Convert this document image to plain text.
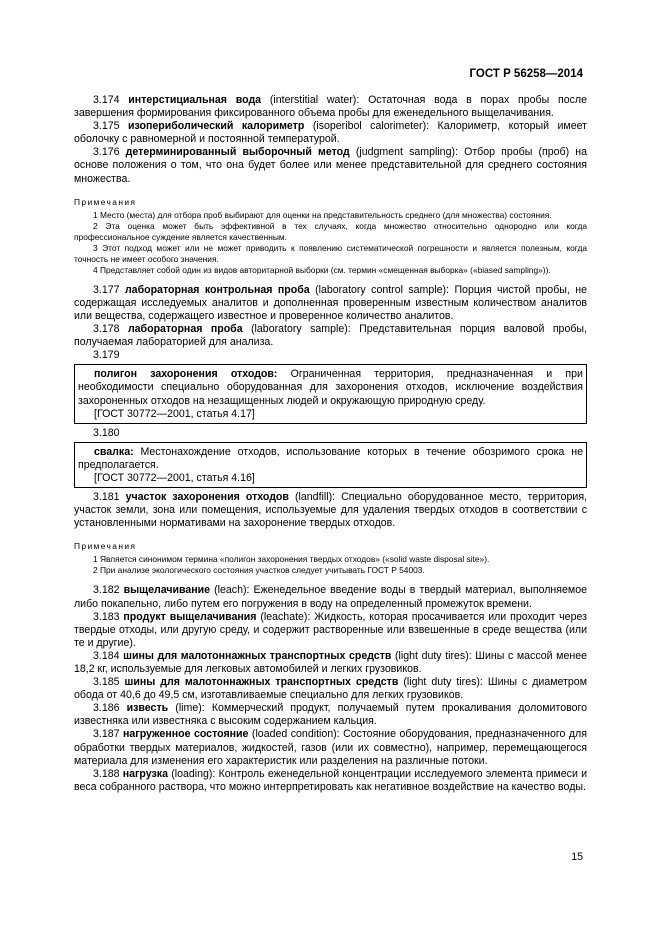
ГОСТ Р 56258—2014

3.174 интерстициальная вода (interstitial water): Остаточная вода в порах пробы после завершения формирования фиксированного объема пробы для еженедельного выщелачивания.

3.175 изопериболический калориметр (isoperibol calorimeter): Калориметр, который имеет оболочку с равномерной и постоянной температурой.

3.176 детерминированный выборочный метод (judgment sampling): Отбор пробы (проб) на основе положения о том, что она будет более или менее представительной для среднего состояния множества.

Примечания

1 Место (места) для отбора проб выбирают для оценки на представительность среднего (для множества) состояния.

2 Эта оценка может быть эффективной в тех случаях, когда множество относительно однородно или когда профессиональное суждение является качественным.

3 Этот подход может или не может приводить к появлению систематической погрешности и является полезным, когда точность не имеет особого значения.

4 Представляет собой один из видов авторитарной выборки (см. термин «смещенная выборка» («biased sampling»)).

3.177 лабораторная контрольная проба (laboratory control sample): Порция чистой пробы, не содержащая исследуемых аналитов и дополненная проверенным известным количеством аналитов или вещества, содержащего известное и проверенное количество аналитов.

3.178 лабораторная проба (laboratory sample): Представительная порция валовой пробы, получаемая лабораторией для анализа.

3.179

полигон захоронения отходов: Ограниченная территория, предназначенная и при необходимости специально оборудованная для захоронения отходов, исключение воздействия захороненных отходов на незащищенных людей и окружающую природную среду.

[ГОСТ 30772—2001, статья 4.17]

3.180

свалка: Местонахождение отходов, использование которых в течение обозримого срока не предполагается.

[ГОСТ 30772—2001, статья 4.16]

3.181 участок захоронения отходов (landfill): Специально оборудованное место, территория, участок земли, зона или помещения, используемые для удаления твердых отходов в соответствии с установленными нормативами на захоронение твердых отходов.

Примечания

1 Является синонимом термина «полигон захоронения твердых отходов» («solid waste disposal site»).

2 При анализе экологического состояния участков следует учитывать ГОСТ Р 54003.

3.182 выщелачивание (leach): Еженедельное введение воды в твердый материал, выполняемое либо покапельно, либо путем его погружения в воду на определенный промежуток времени.

3.183 продукт выщелачивания (leachate): Жидкость, которая просачивается или проходит через твердые отходы, или другую среду, и содержит растворенные или взвешенные в среде вещества (или те и другие).

3.184 шины для малотоннажных транспортных средств (light duty tires): Шины с массой менее 18,2 кг, используемые для легковых автомобилей и легких грузовиков.

3.185 шины для малотоннажных транспортных средств (light duty tires): Шины с диаметром обода от 40,6 до 49,5 см, изготавливаемые специально для легких грузовиков.

3.186 известь (lime): Коммерческий продукт, получаемый путем прокаливания доломитового известняка или известняка с высоким содержанием кальция.

3.187 нагруженное состояние (loaded condition): Состояние оборудования, предназначенного для обработки твердых материалов, жидкостей, газов (или их совместно), например, перемещающегося материала для изменения его характеристик или разделения на различные потоки.

3.188 нагрузка (loading): Контроль еженедельной концентрации исследуемого элемента примеси и веса собранного раствора, что можно интерпретировать как негативное воздействие на качество воды.

15
